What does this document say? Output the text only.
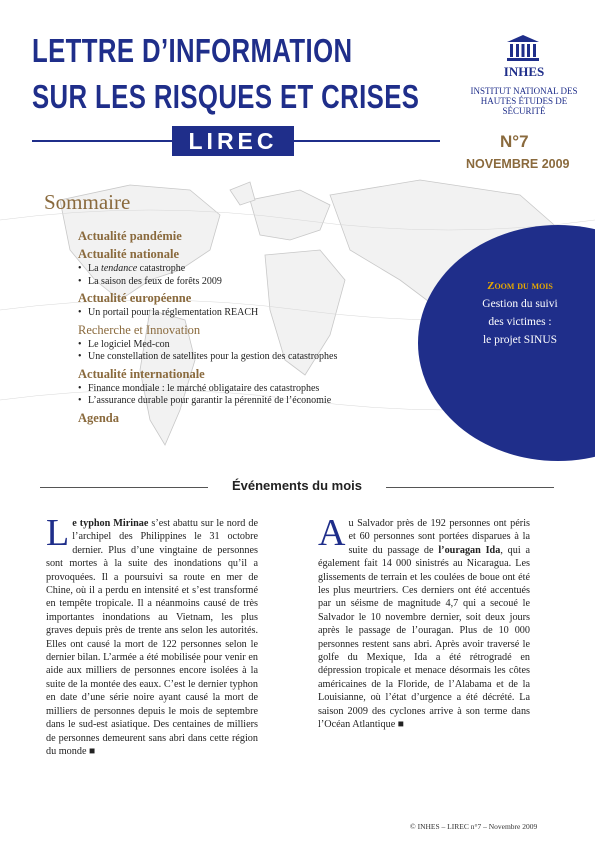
LETTRE D’INFORMATION
SUR LES RISQUES ET CRISES
LIREC
INHES
INSTITUT NATIONAL DES HAUTES ÉTUDES DE SÉCURITÉ
N°7
NOVEMBRE 2009
Sommaire
Actualité pandémie
Actualité nationale
• La tendance catastrophe
• La saison des feux de forêts 2009
Actualité européenne
• Un portail pour la réglementation REACH
Recherche et Innovation
• Le logiciel Med-con
• Une constellation de satellites pour la gestion des catastrophes
Actualité internationale
• Finance mondiale : le marché obligataire des catastrophes
• L’assurance durable pour garantir la pérennité de l’économie
Agenda
Zoom du mois
Gestion du suivi
des victimes :
le projet SINUS
Événements du mois
Le typhon Mirinae s’est abattu sur le nord de l’archipel des Philippines le 31 octobre dernier. Plus d’une vingtaine de personnes sont mortes à la suite des inondations qu’il a provoquées. Il a poursuivi sa route en mer de Chine, où il a perdu en intensité et s’est transformé en tempête tropicale. Il a néanmoins causé de très importantes inondations au Vietnam, les plus graves depuis près de trente ans selon les autorités. Elles ont causé la mort de 122 personnes selon le dernier bilan. L’armée a été mobilisée pour venir en aide aux milliers de personnes encore isolées à la suite de la montée des eaux. C’est le dernier typhon en date d’une série noire ayant causé la mort de milliers de personnes depuis le mois de septembre dans le sud-est asiatique. Des centaines de milliers de personnes demeurent sans abri dans cette région du monde ■
Au Salvador près de 192 personnes ont péris et 60 personnes sont portées disparues à la suite du passage de l’ouragan Ida, qui a également fait 14 000 sinistrés au Nicaragua. Les glissements de terrain et les coulées de boue ont été les plus meurtriers. Ces derniers ont été accentués par un séisme de magnitude 4,7 qui a secoué le Salvador le 10 novembre dernier, soit deux jours après le passage de l’ouragan. Plus de 10 000 personnes restent sans abri. Après avoir traversé le golfe du Mexique, Ida a été rétrogradé en dépression tropicale et menace désormais les côtes américaines de la Floride, de l’Alabama et de la Louisianne, où l’état d’urgence a été décrété. La saison 2009 des cyclones arrive à son terme dans l’Océan Atlantique ■
© INHES – LIREC n°7 – Novembre 2009
